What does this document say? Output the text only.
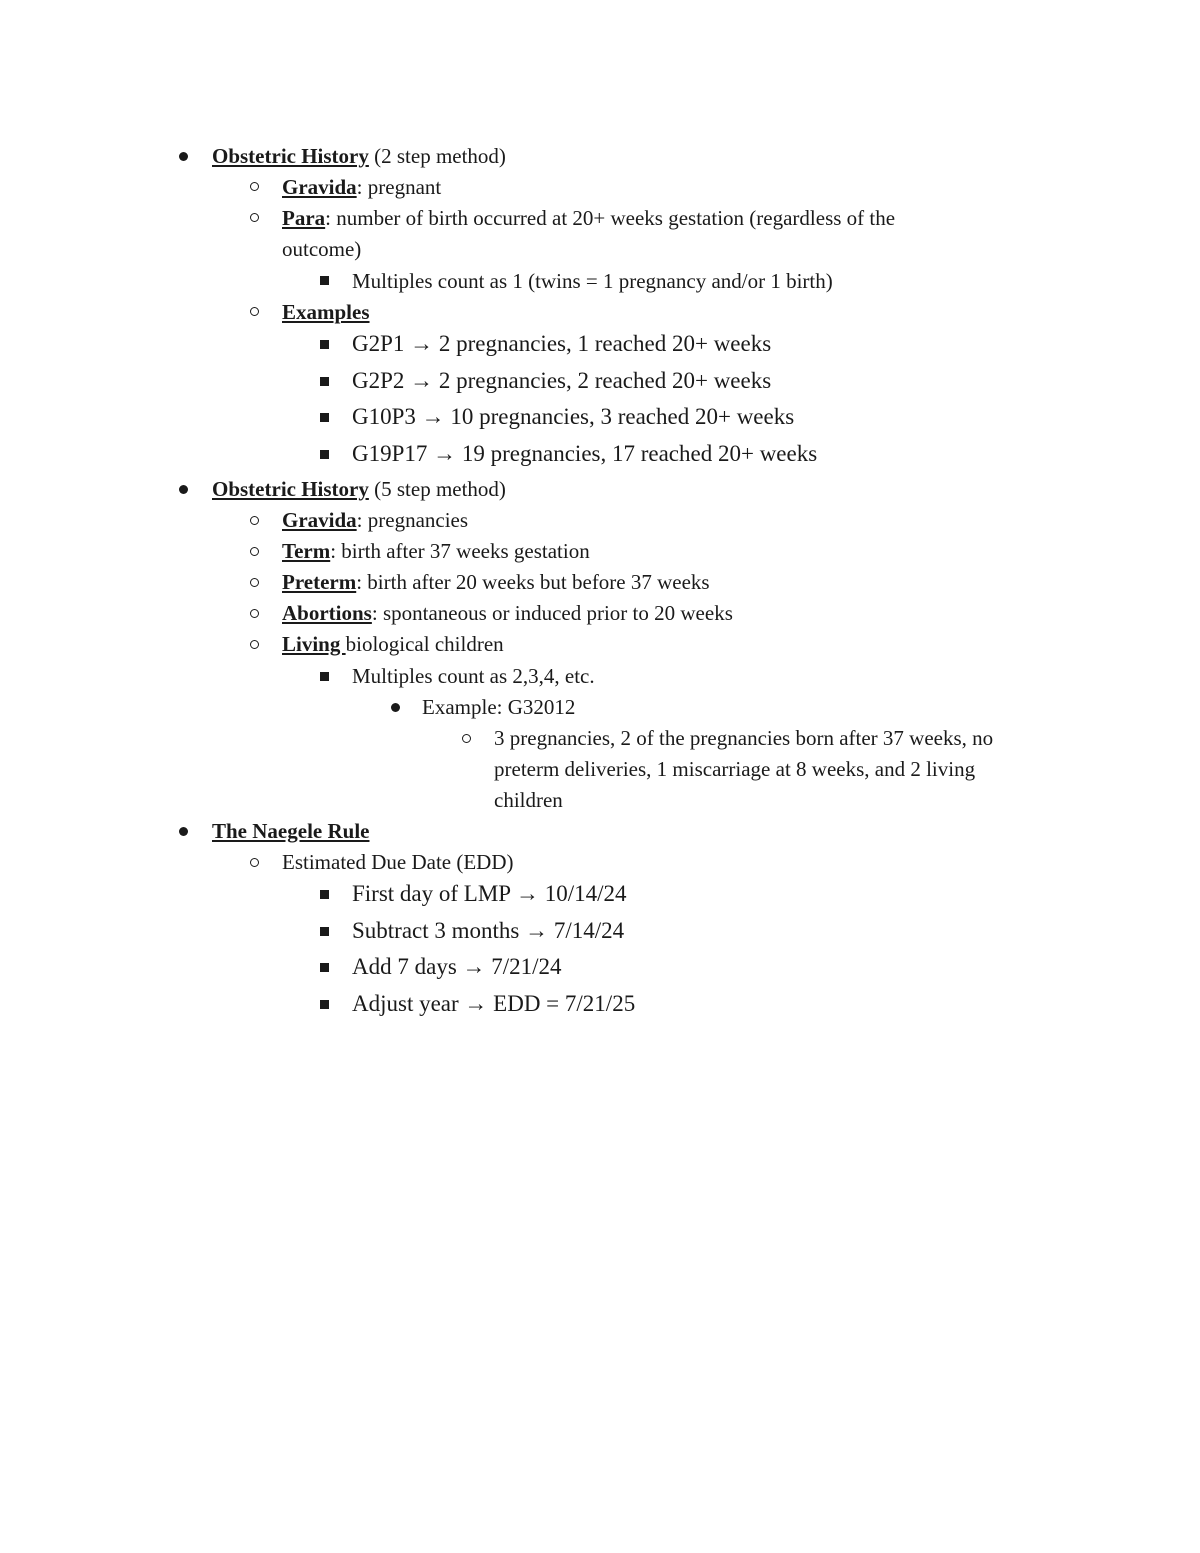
Obstetric History (2 step method)
Gravida: pregnant
Para: number of birth occurred at 20+ weeks gestation (regardless of the
outcome)
Multiples count as 1 (twins = 1 pregnancy and/or 1 birth)
Examples
G2P1 → 2 pregnancies, 1 reached 20+ weeks
G2P2 → 2 pregnancies, 2 reached 20+ weeks
G10P3 → 10 pregnancies, 3 reached 20+ weeks
G19P17 → 19 pregnancies, 17 reached 20+ weeks
Obstetric History (5 step method)
Gravida: pregnancies
Term: birth after 37 weeks gestation
Preterm: birth after 20 weeks but before 37 weeks
Abortions: spontaneous or induced prior to 20 weeks
Living biological children
Multiples count as 2,3,4, etc.
Example: G32012
3 pregnancies, 2 of the pregnancies born after 37 weeks, no
preterm deliveries, 1 miscarriage at 8 weeks, and 2 living
children
The Naegele Rule
Estimated Due Date (EDD)
First day of LMP → 10/14/24
Subtract 3 months → 7/14/24
Add 7 days → 7/21/24
Adjust year → EDD = 7/21/25
